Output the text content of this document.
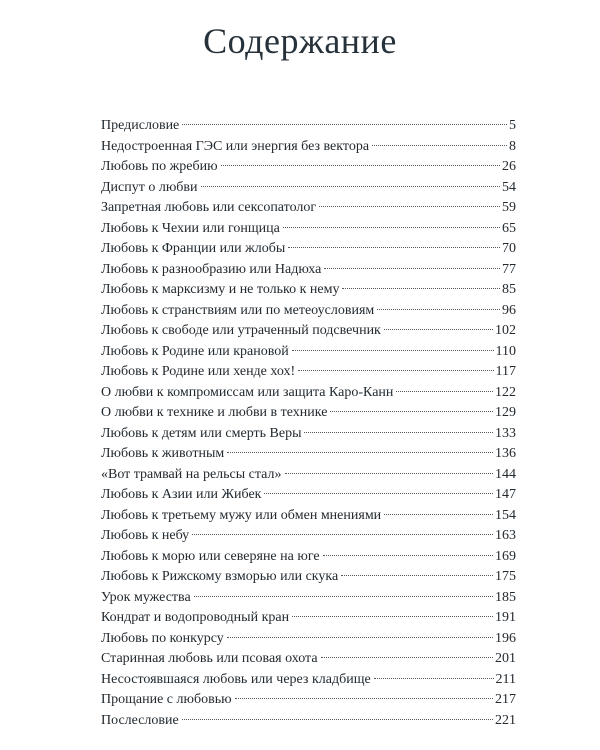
Содержание
Предисловие	5
Недостроенная ГЭС или энергия без вектора	8
Любовь по жребию	26
Диспут о любви	54
Запретная любовь или сексопатолог	59
Любовь к Чехии или гонщица	65
Любовь к Франции или жлобы	70
Любовь к разнообразию или Надюха	77
Любовь к марксизму и не только к нему	85
Любовь к странствиям или по метеоусловиям	96
Любовь к свободе или утраченный подсвечник	102
Любовь к Родине или крановой	110
Любовь к Родине или хенде хох!	117
О любви к компромиссам или защита Каро-Канн	122
О любви к технике и любви в технике	129
Любовь к детям или смерть Веры	133
Любовь к животным	136
«Вот трамвай на рельсы стал»	144
Любовь к Азии или Жибек	147
Любовь к третьему мужу или обмен мнениями	154
Любовь к небу	163
Любовь к морю или северяне на юге	169
Любовь к Рижскому взморью или скука	175
Урок мужества	185
Кондрат и водопроводный кран	191
Любовь по конкурсу	196
Старинная любовь или псовая охота	201
Несостоявшаяся любовь или через кладбище	211
Прощание с любовью	217
Послесловие	221
